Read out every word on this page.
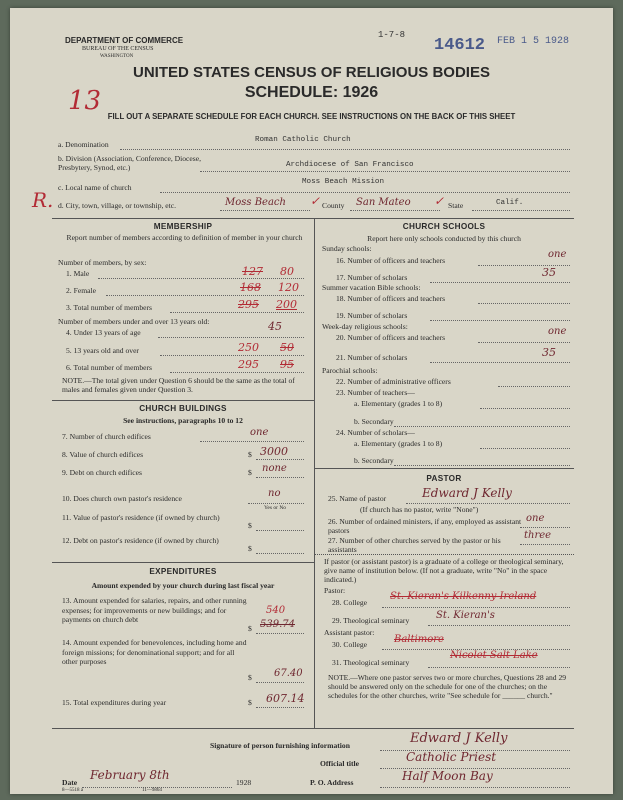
DEPARTMENT OF COMMERCE
BUREAU OF THE CENSUS
WASHINGTON
1-7-8
14612 FEB 1 5 1928
UNITED STATES CENSUS OF RELIGIOUS BODIES
SCHEDULE: 1926
13
FILL OUT A SEPARATE SCHEDULE FOR EACH CHURCH. SEE INSTRUCTIONS ON THE BACK OF THIS SHEET
a. Denomination	Roman Catholic Church
b. Division (Association, Conference, Diocese, Presbytery, Synod, etc.)	Archdiocese of San Francisco
c. Local name of church
Moss Beach Mission
R. d. City, town, village, or township, etc.	Moss Beach ✓ County San Mateo ✓ State	Calif.
MEMBERSHIP
Report number of members according to definition of member in your church
Number of members, by sex:
1. Male	127 80
2. Female	168 120
3. Total number of members	295 200
Number of members under and over 13 years old:
4. Under 13 years of age	45
5. 13 years old and over	250 50
6. Total number of members	295 95
NOTE.—The total given under Question 6 should be the same as the total of males and females given under Question 3.
CHURCH BUILDINGS
See instructions, paragraphs 10 to 12
7. Number of church edifices	one
8. Value of church edifices	$ 3000
9. Debt on church edifices	$ none
10. Does church own pastor's residence	no
Yes or No
11. Value of pastor's residence (if owned by church)
$
12. Debt on pastor's residence (if owned by church)
$
EXPENDITURES
Amount expended by your church during last fiscal year
13. Amount expended for salaries, repairs, and other running expenses; for improvements or new buildings; and for payments on church debt
540
$ 539.74
14. Amount expended for benevolences, including home and foreign missions; for denominational support; and for all other purposes
$ 67.40
15. Total expenditures during year	$ 607.14
CHURCH SCHOOLS
Report here only schools conducted by this church
Sunday schools:
16. Number of officers and teachers
one
17. Number of scholars	35
Summer vacation Bible schools:
18. Number of officers and teachers
19. Number of scholars
Week-day religious schools:
20. Number of officers and teachers
one
21. Number of scholars	35
Parochial schools:
22. Number of administrative officers
23. Number of teachers—
a. Elementary (grades 1 to 8)
b. Secondary
24. Number of scholars—
a. Elementary (grades 1 to 8)
b. Secondary
PASTOR
25. Name of pastor	Edward J Kelly
(If church has no pastor, write "None")
26. Number of ordained ministers, if any, employed as assistant pastors
one
27. Number of other churches served by the pastor or his assistants
three
If pastor (or assistant pastor) is a graduate of a college or theological seminary, give name of institution below. (If not a graduate, write "No" in the space indicated.)
Pastor:
28. College
St. Kieran's Kilkenny Ireland
29. Theological seminary	St. Kieran's
Assistant pastor:
30. College	Baltimore
31. Theological seminary
Nicolet Salt Lake
NOTE.—Where one pastor serves two or more churches, Questions 28 and 29 should be answered only on the schedule for one of the churches; on the schedules for the other churches, write "See schedule for ______ church."
Signature of person furnishing information	Edward J Kelly
Official title	Catholic Priest
Date
February 8th
1928	P. O. Address	Half Moon Bay
8—5518 a	11—9864
